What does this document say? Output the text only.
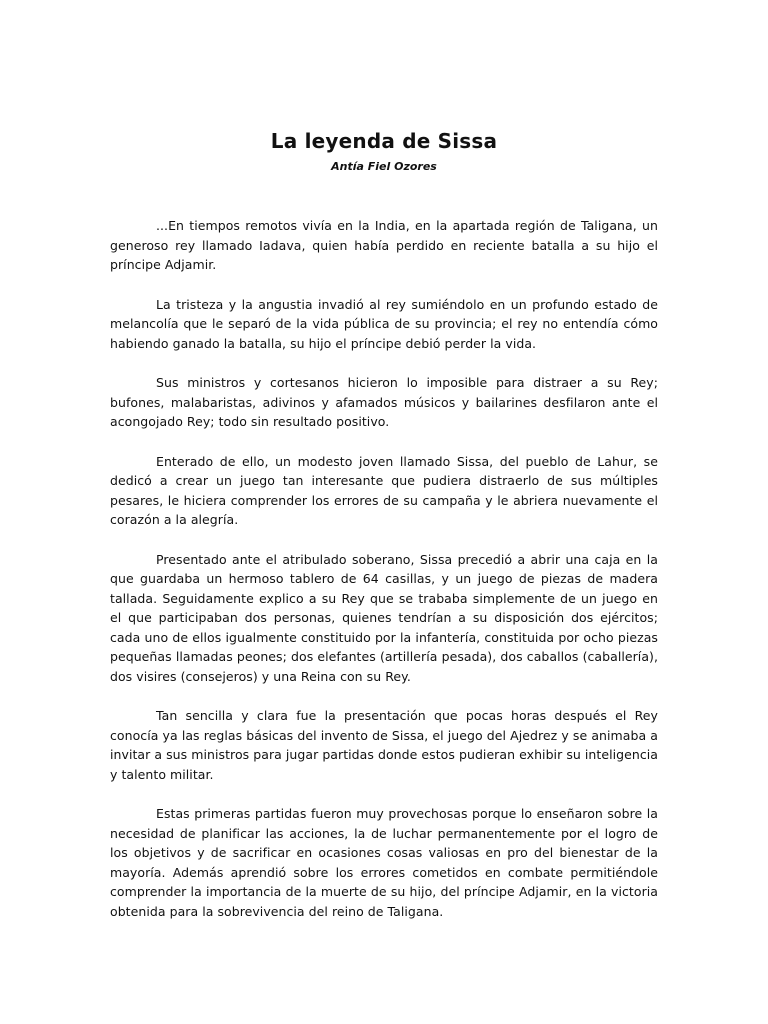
La leyenda de Sissa
Antía Fiel Ozores

...En tiempos remotos vivía en la India, en la apartada región de Taligana, un generoso rey llamado Iadava, quien había perdido en reciente batalla a su hijo el príncipe Adjamir.

La tristeza y la angustia invadió al rey sumiéndolo en un profundo estado de melancolía que le separó de la vida pública de su provincia; el rey no entendía cómo habiendo ganado la batalla, su hijo el príncipe debió perder la vida.

Sus ministros y cortesanos hicieron lo imposible para distraer a su Rey; bufones, malabaristas, adivinos y afamados músicos y bailarines desfilaron ante el acongojado Rey; todo sin resultado positivo.

Enterado de ello, un modesto joven llamado Sissa, del pueblo de Lahur, se dedicó a crear un juego tan interesante que pudiera distraerlo de sus múltiples pesares, le hiciera comprender los errores de su campaña y le abriera nuevamente el corazón a la alegría.

Presentado ante el atribulado soberano, Sissa precedió a abrir una caja en la que guardaba un hermoso tablero de 64 casillas, y un juego de piezas de madera tallada. Seguidamente explico a su Rey que se trababa simplemente de un juego en el que participaban dos personas, quienes tendrían a su disposición dos ejércitos; cada uno de ellos igualmente constituido por la infantería, constituida por ocho piezas pequeñas llamadas peones; dos elefantes (artillería pesada), dos caballos (caballería), dos visires (consejeros) y una Reina con su Rey.

Tan sencilla y clara fue la presentación que pocas horas después el Rey conocía ya las reglas básicas del invento de Sissa, el juego del Ajedrez y se animaba a invitar a sus ministros para jugar partidas donde estos pudieran exhibir su inteligencia y talento militar.

Estas primeras partidas fueron muy provechosas porque lo enseñaron sobre la necesidad de planificar las acciones, la de luchar permanentemente por el logro de los objetivos y de sacrificar en ocasiones cosas valiosas en pro del bienestar de la mayoría. Además aprendió sobre los errores cometidos en combate permitiéndole comprender la importancia de la muerte de su hijo, del príncipe Adjamir, en la victoria obtenida para la sobrevivencia del reino de Taligana.
